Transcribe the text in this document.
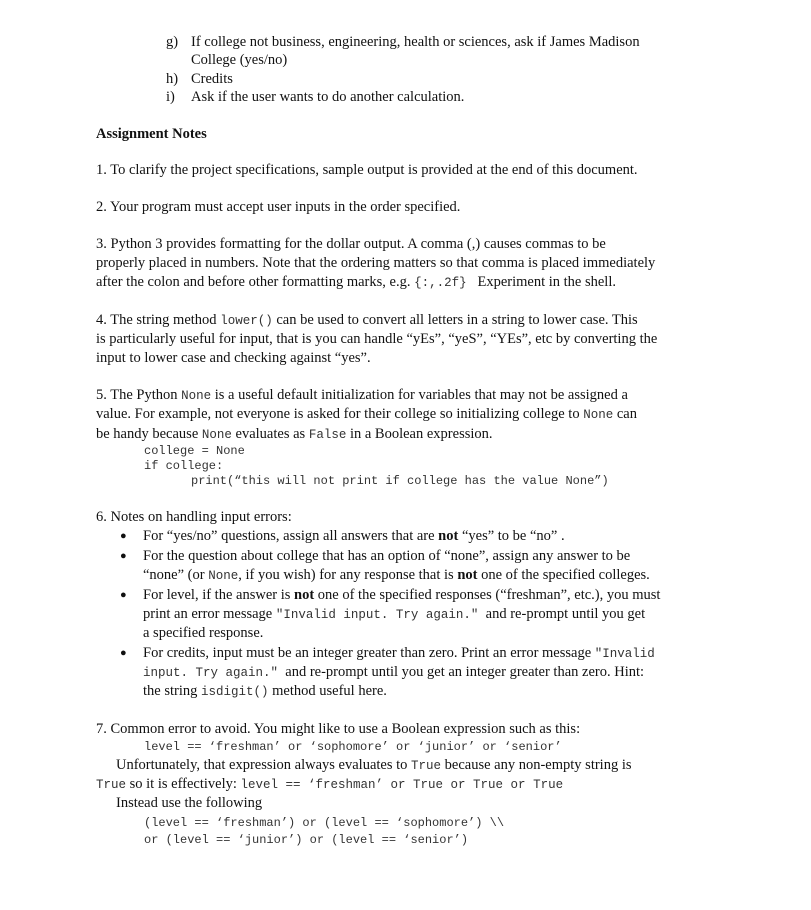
g) If college not business, engineering, health or sciences, ask if James Madison
College (yes/no)
h) Credits
i) Ask if the user wants to do another calculation.
Assignment Notes
1. To clarify the project specifications, sample output is provided at the end of this document.
2. Your program must accept user inputs in the order specified.
3. Python 3 provides formatting for the dollar output. A comma (,) causes commas to be
properly placed in numbers. Note that the ordering matters so that comma is placed immediately
after the colon and before other formatting marks, e.g. {:,.2f} Experiment in the shell.
4. The string method lower() can be used to convert all letters in a string to lower case. This
is particularly useful for input, that is you can handle “yEs”, “yeS”, “YEs”, etc by converting the
input to lower case and checking against “yes”.
5. The Python None is a useful default initialization for variables that may not be assigned a
value. For example, not everyone is asked for their college so initializing college to None can
be handy because None evaluates as False in a Boolean expression.
college = None
if college:
print(“this will not print if college has the value None”)
6. Notes on handling input errors:
● For “yes/no” questions, assign all answers that are not “yes” to be “no” .
● For the question about college that has an option of “none”, assign any answer to be
“none” (or None, if you wish) for any response that is not one of the specified colleges.
● For level, if the answer is not one of the specified responses (“freshman”, etc.), you must
print an error message "Invalid input. Try again." and re-prompt until you get
a specified response.
● For credits, input must be an integer greater than zero. Print an error message "Invalid
input. Try again." and re-prompt until you get an integer greater than zero. Hint:
the string isdigit() method useful here.
7. Common error to avoid. You might like to use a Boolean expression such as this:
level == ‘freshman’ or ‘sophomore’ or ‘junior’ or ‘senior’
Unfortunately, that expression always evaluates to True because any non-empty string is
True so it is effectively: level == ‘freshman’ or True or True or True
Instead use the following
(level == ‘freshman’) or (level == ‘sophomore’) \\
or (level == ‘junior’) or (level == ‘senior’)
